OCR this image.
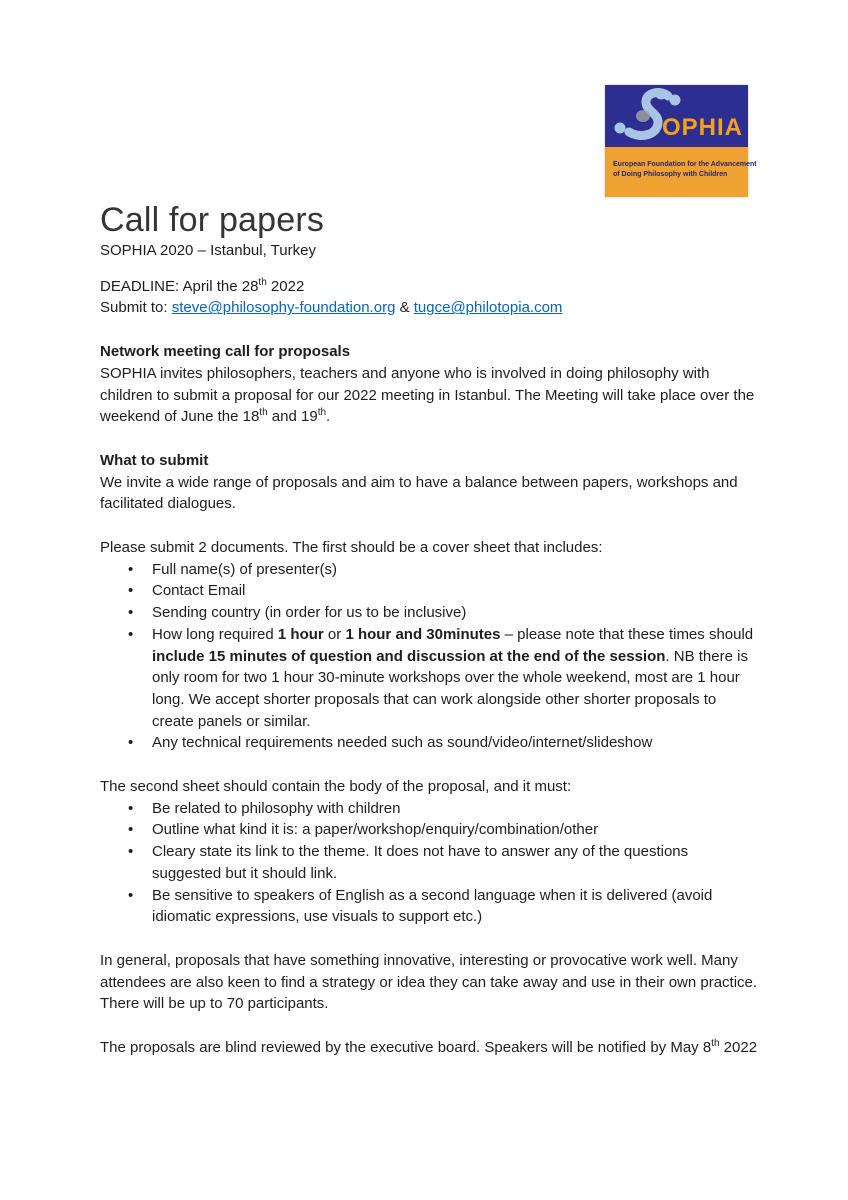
OPHIA
European Foundation for the Advancement
of Doing Philosophy with Children
Call for papers

SOPHIA 2020 – Istanbul, Turkey

DEADLINE: April the 28th 2022

Submit to: steve@philosophy-foundation.org & tugce@philotopia.com

Network meeting call for proposals

SOPHIA invites philosophers, teachers and anyone who is involved in doing philosophy with children to submit a proposal for our 2022 meeting in Istanbul. The Meeting will take place over the weekend of June the 18th and 19th.

What to submit

We invite a wide range of proposals and aim to have a balance between papers, workshops and facilitated dialogues.

Please submit 2 documents. The first should be a cover sheet that includes:

• Full name(s) of presenter(s)
• Contact Email
• Sending country (in order for us to be inclusive)
• How long required 1 hour or 1 hour and 30minutes – please note that these times should include 15 minutes of question and discussion at the end of the session. NB there is only room for two 1 hour 30-minute workshops over the whole weekend, most are 1 hour long. We accept shorter proposals that can work alongside other shorter proposals to create panels or similar.
• Any technical requirements needed such as sound/video/internet/slideshow

The second sheet should contain the body of the proposal, and it must:

• Be related to philosophy with children
• Outline what kind it is: a paper/workshop/enquiry/combination/other
• Cleary state its link to the theme. It does not have to answer any of the questions suggested but it should link.
• Be sensitive to speakers of English as a second language when it is delivered (avoid idiomatic expressions, use visuals to support etc.)

In general, proposals that have something innovative, interesting or provocative work well. Many attendees are also keen to find a strategy or idea they can take away and use in their own practice. There will be up to 70 participants.

The proposals are blind reviewed by the executive board. Speakers will be notified by May 8th 2022
